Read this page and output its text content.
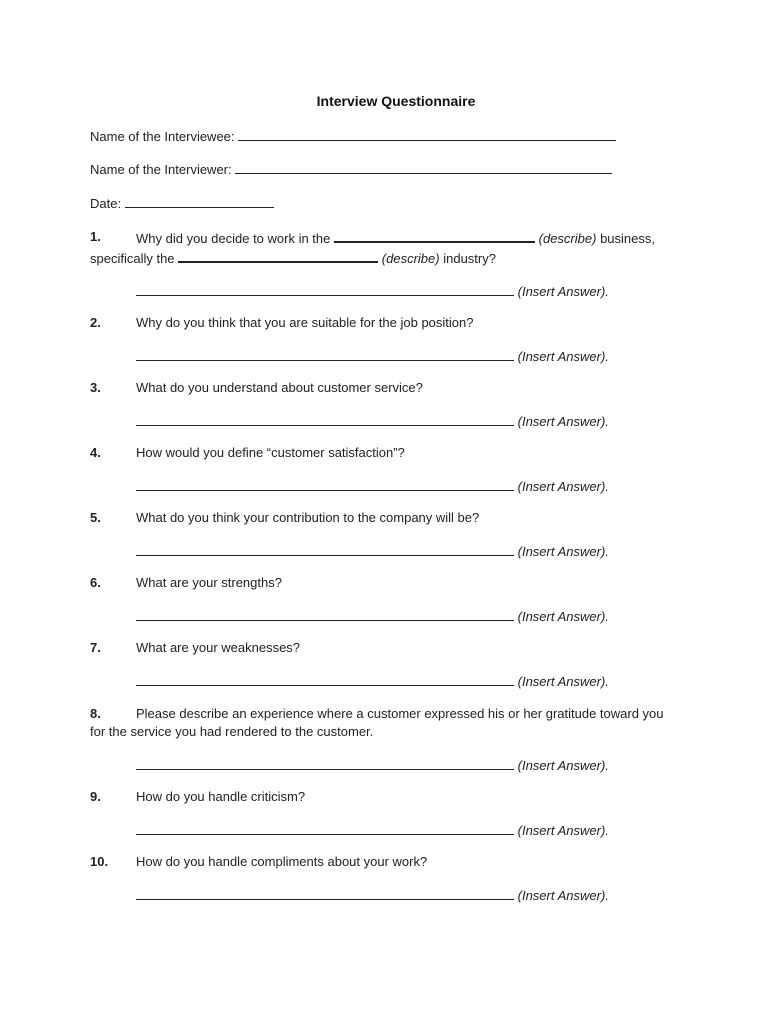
Interview Questionnaire
Name of the Interviewee:
Name of the Interviewer:
Date:
1.	Why did you decide to work in the	(describe) business,
specifically the	(describe) industry?
(Insert Answer).
2.	Why do you think that you are suitable for the job position?
(Insert Answer).
3.	What do you understand about customer service?
(Insert Answer).
4.	How would you define “customer satisfaction”?
(Insert Answer).
5.	What do you think your contribution to the company will be?
(Insert Answer).
6.	What are your strengths?
(Insert Answer).
7.	What are your weaknesses?
(Insert Answer).
8.	Please describe an experience where a customer expressed his or her gratitude toward you
for the service you had rendered to the customer.
(Insert Answer).
9.	How do you handle criticism?
(Insert Answer).
10. How do you handle compliments about your work?
(Insert Answer).
